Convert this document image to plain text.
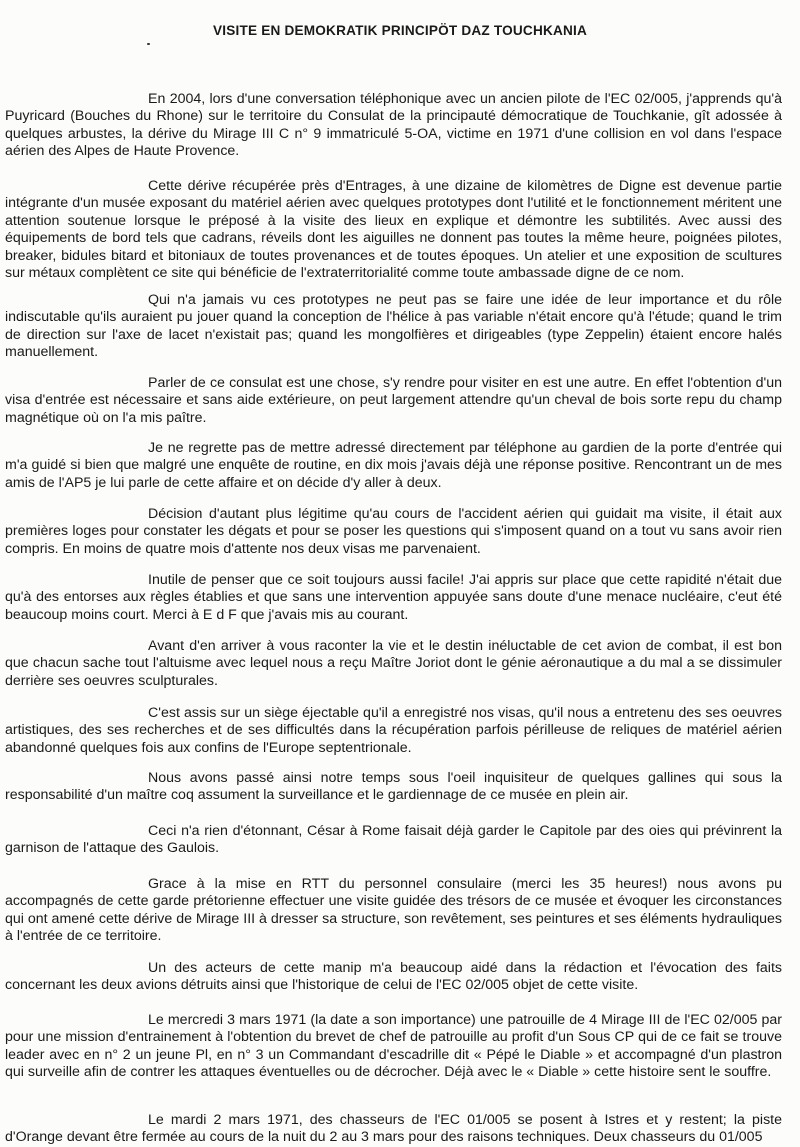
VISITE EN DEMOKRATIK PRINCIPÖT DAZ TOUCHKANIA

En 2004, lors d'une conversation téléphonique avec un ancien pilote de l'EC 02/005, j'apprends qu'à Puyricard (Bouches du Rhone) sur le territoire du Consulat de la principauté démocratique de Touchkanie, gît adossée à quelques arbustes, la dérive du Mirage III C n° 9 immatriculé 5-OA, victime en 1971 d'une collision en vol dans l'espace aérien des Alpes de Haute Provence.

Cette dérive récupérée près d'Entrages, à une dizaine de kilomètres de Digne est devenue partie intégrante d'un musée exposant du matériel aérien avec quelques prototypes dont l'utilité et le fonctionnement méritent une attention soutenue lorsque le préposé à la visite des lieux en explique et démontre les subtilités. Avec aussi des équipements de bord tels que cadrans, réveils dont les aiguilles ne donnent pas toutes la même heure, poignées pilotes, breaker, bidules bitard et bitoniaux de toutes provenances et de toutes époques. Un atelier et une exposition de scultures sur métaux complètent ce site qui bénéficie de l'extraterritorialité comme toute ambassade digne de ce nom.

Qui n'a jamais vu ces prototypes ne peut pas se faire une idée de leur importance et du rôle indiscutable qu'ils auraient pu jouer quand la conception de l'hélice à pas variable n'était encore qu'à l'étude; quand le trim de direction sur l'axe de lacet n'existait pas; quand les mongolfières et dirigeables (type Zeppelin) étaient encore halés manuellement.

Parler de ce consulat est une chose, s'y rendre pour visiter en est une autre. En effet l'obtention d'un visa d'entrée est nécessaire et sans aide extérieure, on peut largement attendre qu'un cheval de bois sorte repu du champ magnétique où on l'a mis paître.

Je ne regrette pas de mettre adressé directement par téléphone au gardien de la porte d'entrée qui m'a guidé si bien que malgré une enquête de routine, en dix mois j'avais déjà une réponse positive. Rencontrant un de mes amis de l'AP5 je lui parle de cette affaire et on décide d'y aller à deux.

Décision d'autant plus légitime qu'au cours de l'accident aérien qui guidait ma visite, il était aux premières loges pour constater les dégats et pour se poser les questions qui s'imposent quand on a tout vu sans avoir rien compris. En moins de quatre mois d'attente nos deux visas me parvenaient.

Inutile de penser que ce soit toujours aussi facile! J'ai appris sur place que cette rapidité n'était due qu'à des entorses aux règles établies et que sans une intervention appuyée sans doute d'une menace nucléaire, c'eut été beaucoup moins court. Merci à E d F que j'avais mis au courant.

Avant d'en arriver à vous raconter la vie et le destin inéluctable de cet avion de combat, il est bon que chacun sache tout l'altuisme avec lequel nous a reçu Maître Joriot dont le génie aéronautique a du mal a se dissimuler derrière ses oeuvres sculpturales.

C'est assis sur un siège éjectable qu'il a enregistré nos visas, qu'il nous a entretenu des ses oeuvres artistiques, des ses recherches et de ses difficultés dans la récupération parfois périlleuse de reliques de matériel aérien abandonné quelques fois aux confins de l'Europe septentrionale.

Nous avons passé ainsi notre temps sous l'oeil inquisiteur de quelques gallines qui sous la responsabilité d'un maître coq assument la surveillance et le gardiennage de ce musée en plein air.

Ceci n'a rien d'étonnant, César à Rome faisait déjà garder le Capitole par des oies qui prévinrent la garnison de l'attaque des Gaulois.

Grace à la mise en RTT du personnel consulaire (merci les 35 heures!) nous avons pu accompagnés de cette garde prétorienne effectuer une visite guidée des trésors de ce musée et évoquer les circonstances qui ont amené cette dérive de Mirage III à dresser sa structure, son revêtement, ses peintures et ses éléments hydrauliques à l'entrée de ce territoire.

Un des acteurs de cette manip m'a beaucoup aidé dans la rédaction et l'évocation des faits concernant les deux avions détruits ainsi que l'historique de celui de l'EC 02/005 objet de cette visite.

Le mercredi 3 mars 1971 (la date a son importance) une patrouille de 4 Mirage III de l'EC 02/005 par pour une mission d'entrainement à l'obtention du brevet de chef de patrouille au profit d'un Sous CP qui de ce fait se trouve leader avec en n° 2 un jeune Pl, en n° 3 un Commandant d'escadrille dit « Pépé le Diable » et accompagné d'un plastron qui surveille afin de contrer les attaques éventuelles ou de décrocher. Déjà avec le « Diable » cette histoire sent le souffre.

Le mardi 2 mars 1971, des chasseurs de l'EC 01/005 se posent à Istres et y restent; la piste d'Orange devant être fermée au cours de la nuit du 2 au 3 mars pour des raisons techniques. Deux chasseurs du 01/005
